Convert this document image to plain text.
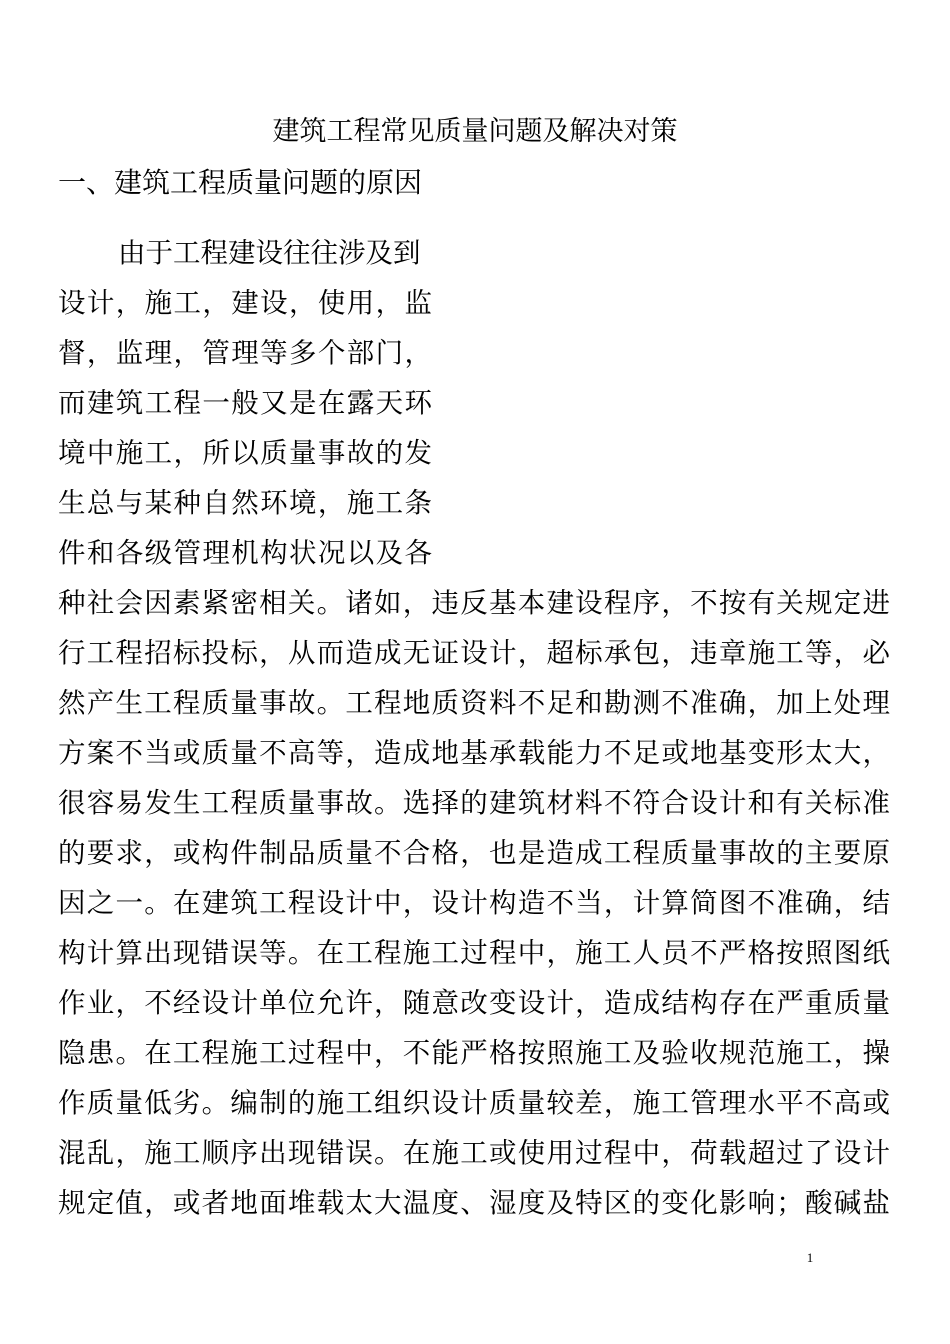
建筑工程常见质量问题及解决对策
一、建筑工程质量问题的原因

由于工程建设往往涉及到

设计，施工，建设，使用，监

督，监理，管理等多个部门，

而建筑工程一般又是在露天环

境中施工，所以质量事故的发

生总与某种自然环境，施工条

件和各级管理机构状况以及各

种社会因素紧密相关。诸如，违反基本建设程序，不按有关规定进

行工程招标投标，从而造成无证设计，超标承包，违章施工等，必

然产生工程质量事故。工程地质资料不足和勘测不准确，加上处理

方案不当或质量不高等，造成地基承载能力不足或地基变形太大，

很容易发生工程质量事故。选择的建筑材料不符合设计和有关标准

的要求，或构件制品质量不合格，也是造成工程质量事故的主要原

因之一。在建筑工程设计中，设计构造不当，计算简图不准确，结

构计算出现错误等。在工程施工过程中，施工人员不严格按照图纸

作业，不经设计单位允许，随意改变设计，造成结构存在严重质量

隐患。在工程施工过程中，不能严格按照施工及验收规范施工，操

作质量低劣。编制的施工组织设计质量较差，施工管理水平不高或

混乱，施工顺序出现错误。在施工或使用过程中，荷载超过了设计

规定值，或者地面堆载太大温度、湿度及特区的变化影响；酸碱盐

1
